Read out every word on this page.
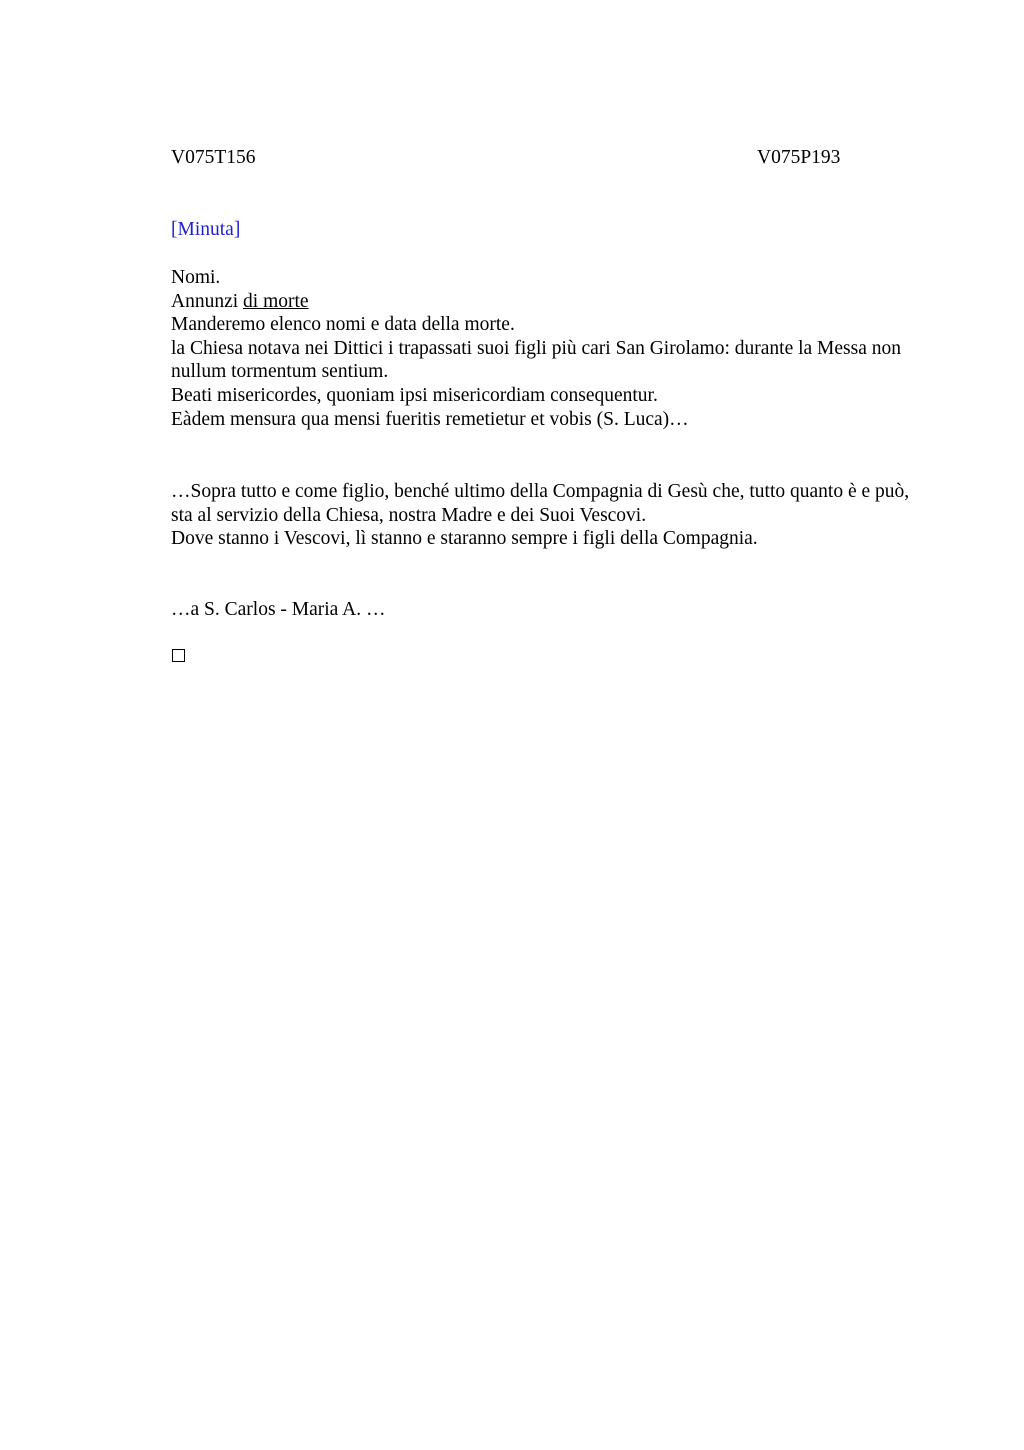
V075T156	V075P193
[Minuta]

Nomi.

Annunzi di morte

Manderemo elenco nomi e data della morte.

la Chiesa notava nei Dittici i trapassati suoi figli più cari San Girolamo: durante la Messa non nullum tormentum sentium.

Beati misericordes, quoniam ipsi misericordiam consequentur.

Eàdem mensura qua mensi fueritis remetietur et vobis (S. Luca)…

…Sopra tutto e come figlio, benché ultimo della Compagnia di Gesù che, tutto quanto è e può, sta al servizio della Chiesa, nostra Madre e dei Suoi Vescovi.

Dove stanno i Vescovi, lì stanno e staranno sempre i figli della Compagnia.

…a S. Carlos - Maria A. …
